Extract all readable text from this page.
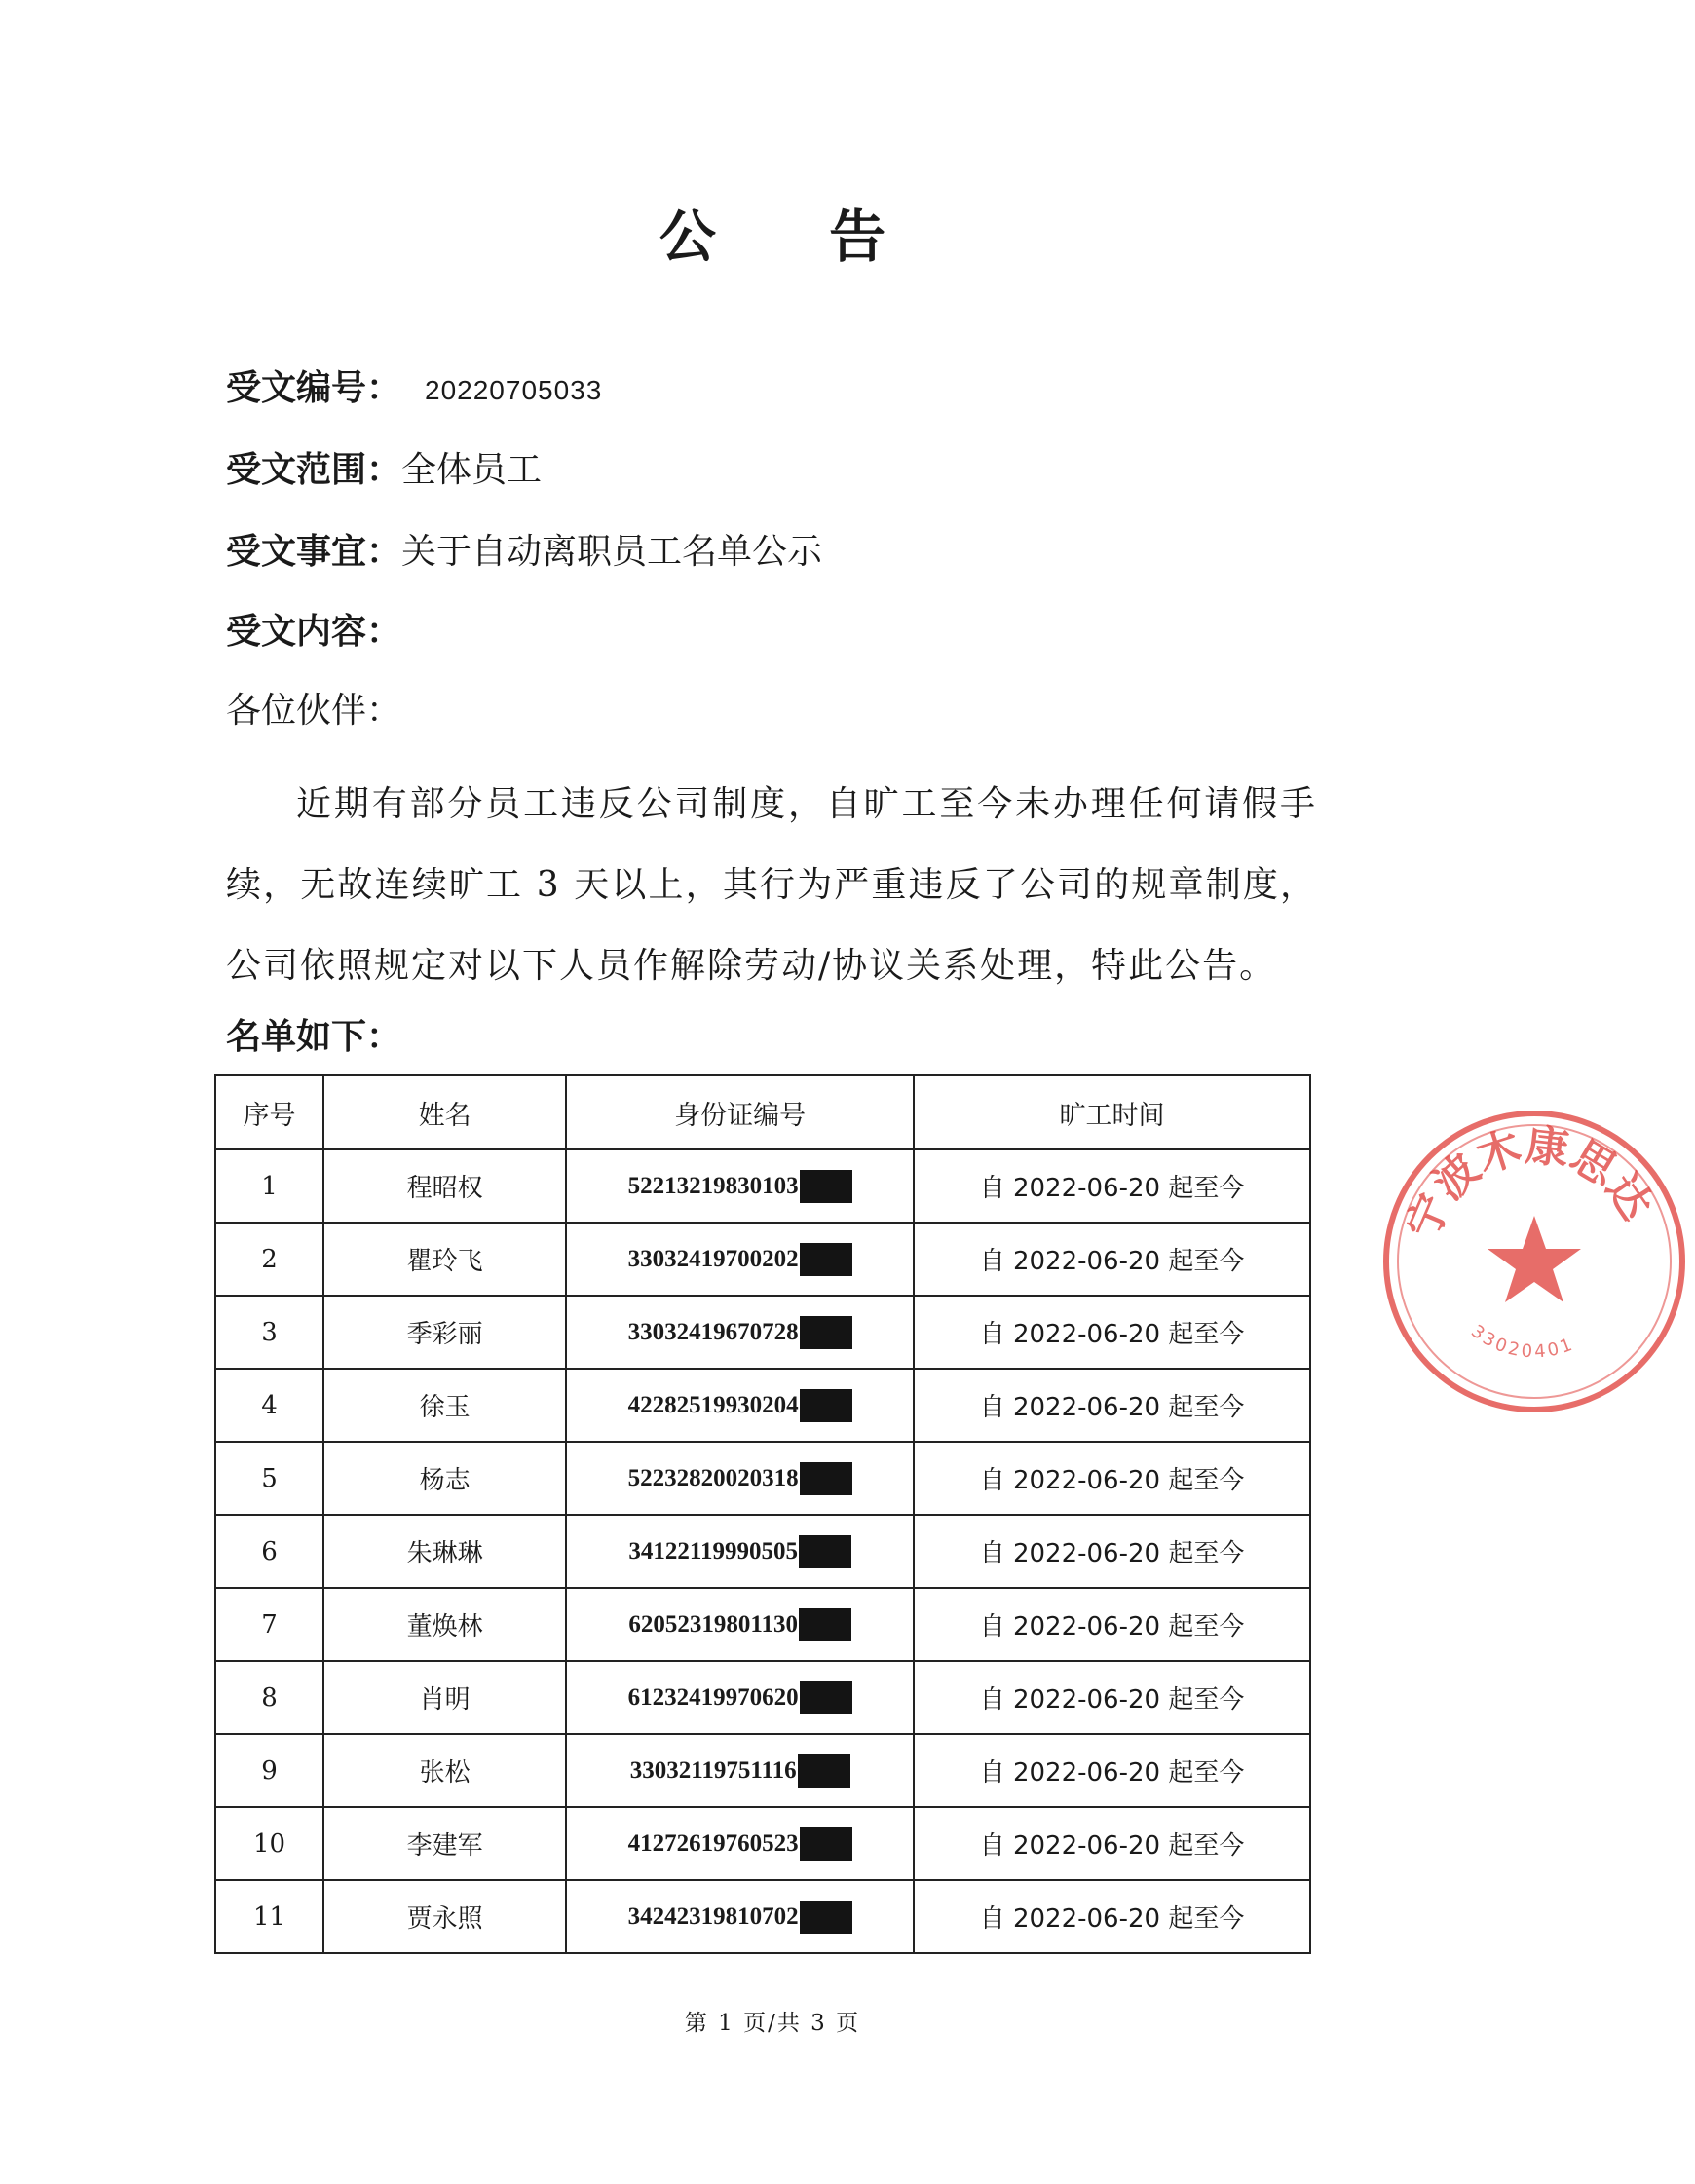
公 告
受文编号： 20220705033
受文范围：全体员工
受文事宜：关于自动离职员工名单公示
受文内容：
各位伙伴：

近期有部分员工违反公司制度，自旷工至今未办理任何请假手续，无故连续旷工 3 天以上，其行为严重违反了公司的规章制度，公司依照规定对以下人员作解除劳动/协议关系处理，特此公告。

名单如下：
序号	姓名	身份证编号	旷工时间
1	程昭权	52213219830103	自 2022-06-20 起至今
2	瞿玲飞	33032419700202	自 2022-06-20 起至今
3	季彩丽	33032419670728	自 2022-06-20 起至今
4	徐玉	42282519930204	自 2022-06-20 起至今
5	杨志	52232820020318	自 2022-06-20 起至今
6	朱琳琳	34122119990505	自 2022-06-20 起至今
7	董焕林	62052319801130	自 2022-06-20 起至今
8	肖明	61232419970620	自 2022-06-20 起至今
9	张松	33032119751116	自 2022-06-20 起至今
10	李建军	41272619760523	自 2022-06-20 起至今
11	贾永照	34242319810702	自 2022-06-20 起至今
第 1 页/共 3 页
宁波木康思达
33020401
